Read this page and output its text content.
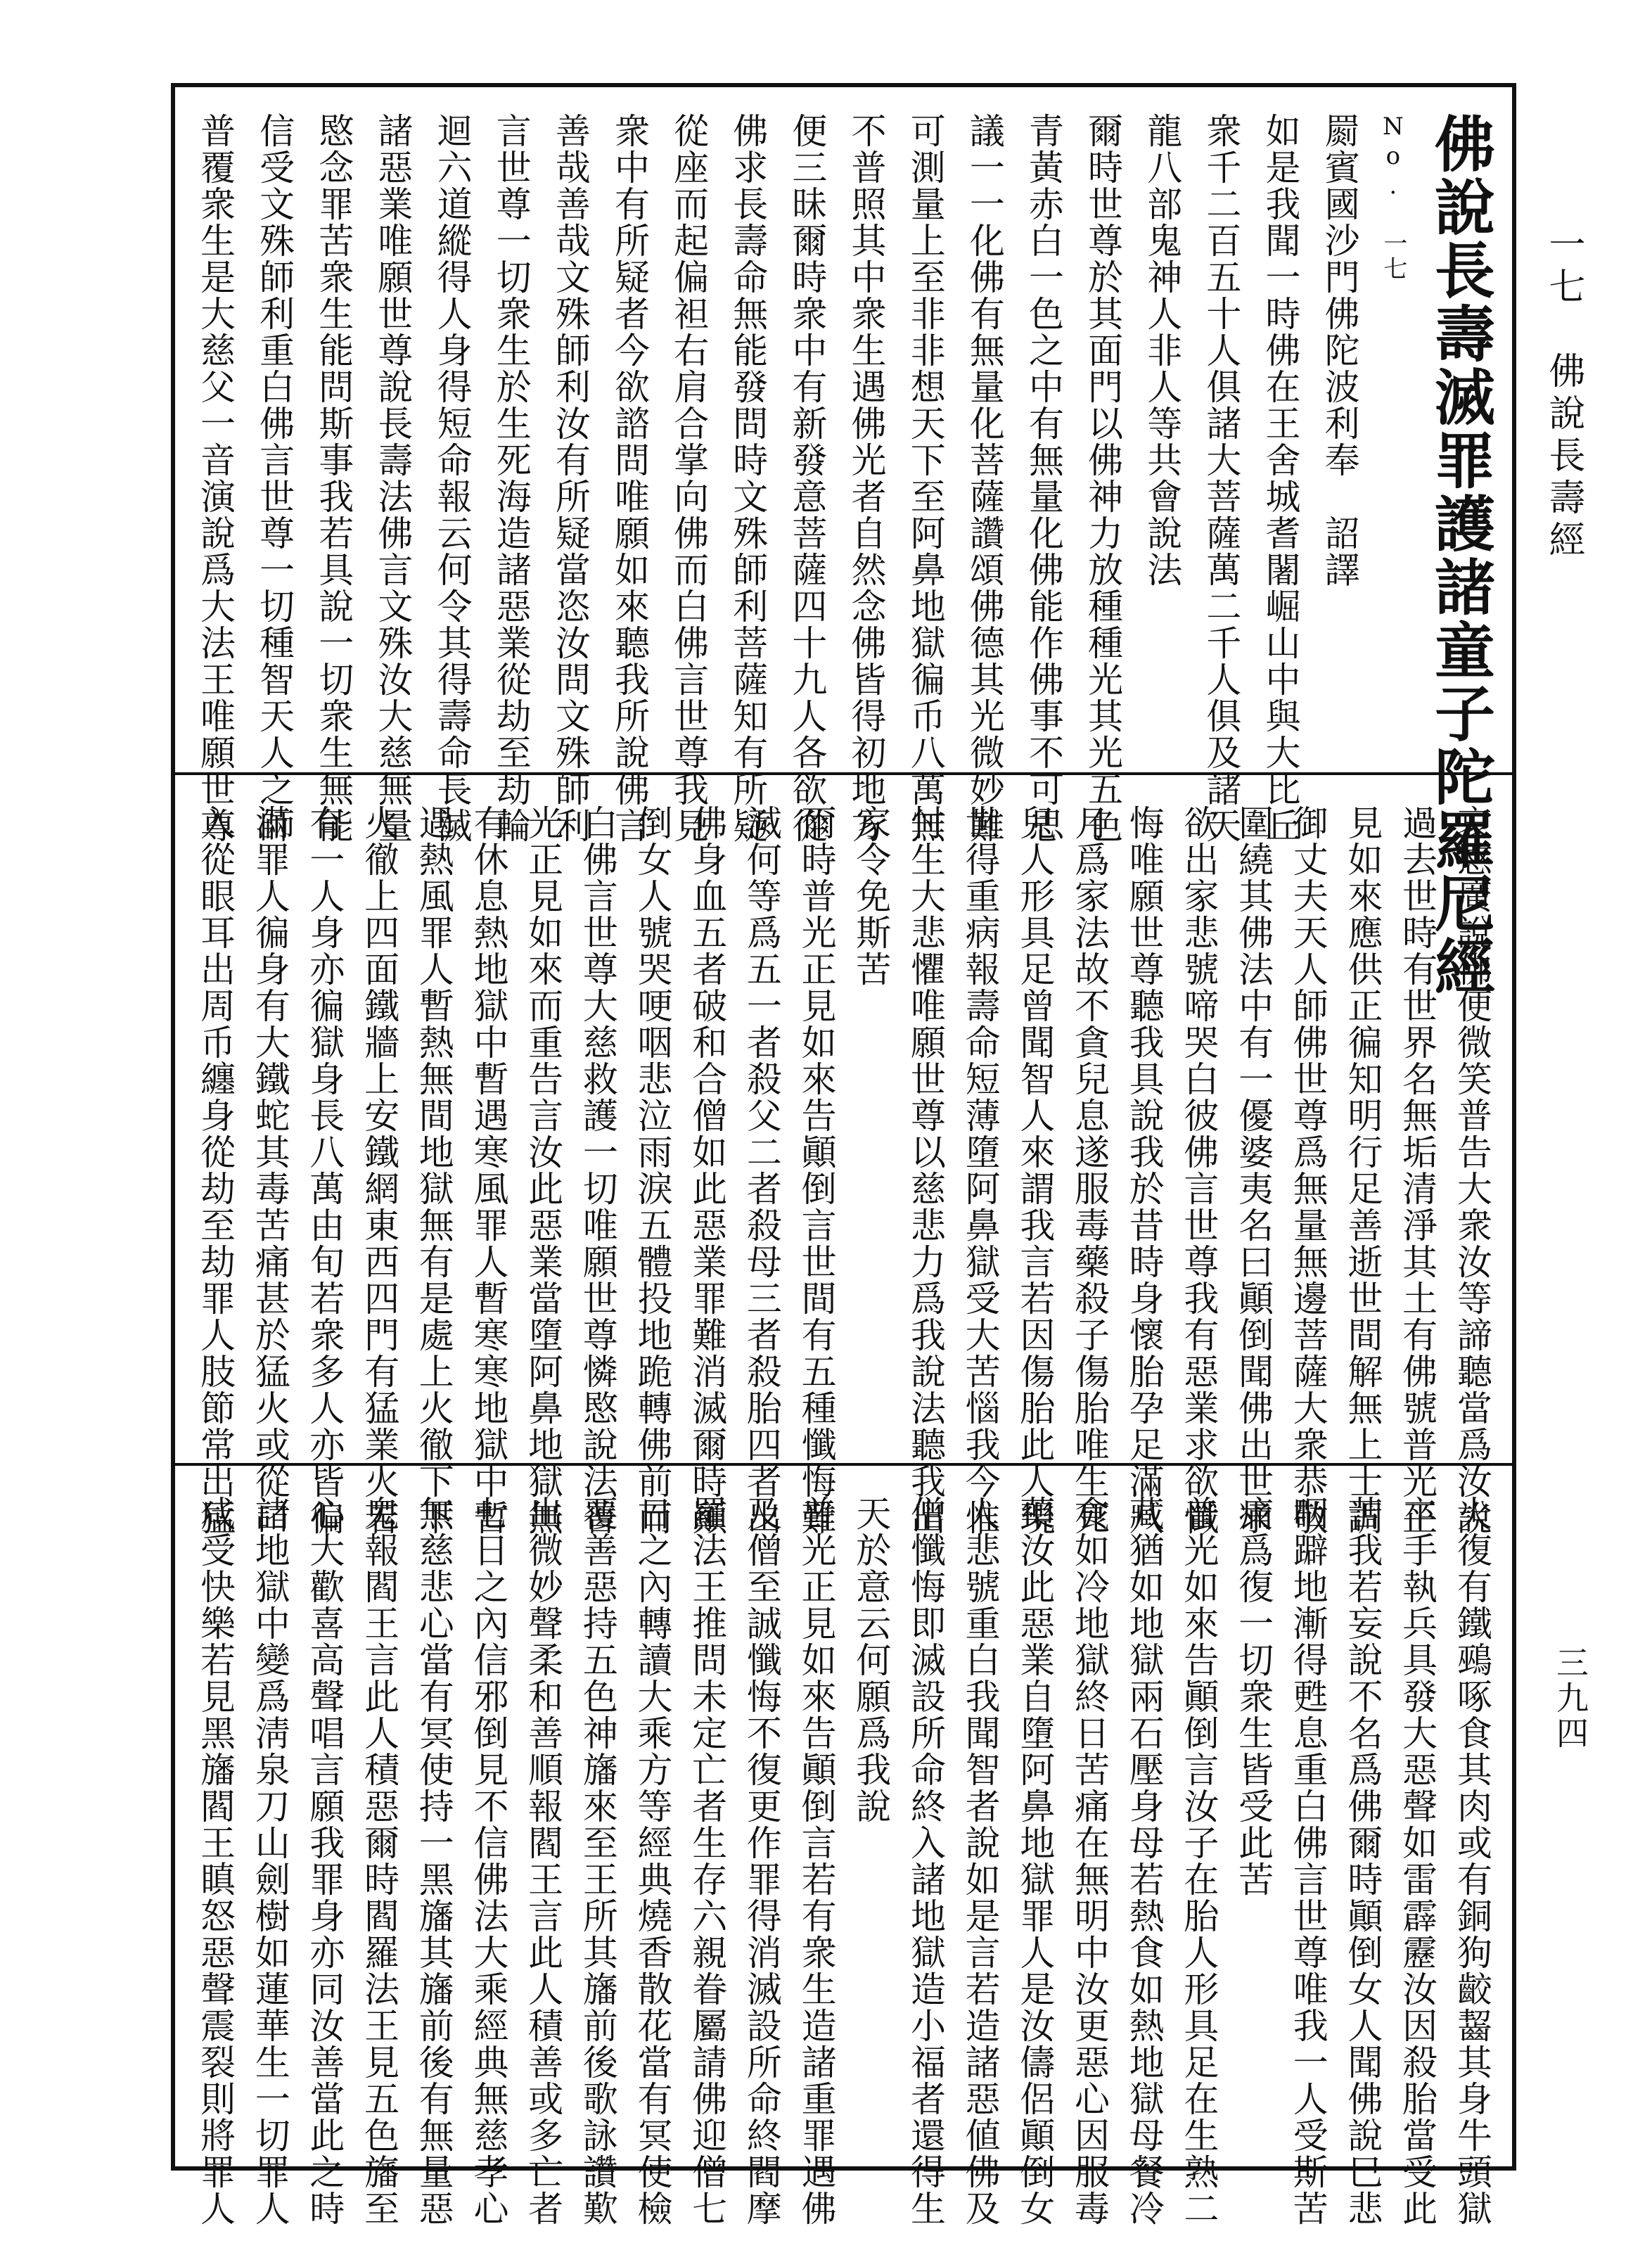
一七　佛說長壽經
三九四
佛說長壽滅罪護諸童子陀羅尼經
No. 一七
罽賓國沙門佛陀波利奉　詔譯
如是我聞一時佛在王舍城耆闍崛山中與大比丘
衆千二百五十人俱諸大菩薩萬二千人俱及諸天
龍八部鬼神人非人等共會說法
爾時世尊於其面門以佛神力放種種光其光五色
青黃赤白一色之中有無量化佛能作佛事不可思
議一一化佛有無量化菩薩讚頌佛德其光微妙難
可測量上至非非想天下至阿鼻地獄徧币八萬無
不普照其中衆生遇佛光者自然念佛皆得初地方
便三昧爾時衆中有新發意菩薩四十九人各欲從
佛求長壽命無能發問時文殊師利菩薩知有所疑
從座而起偏袒右肩合掌向佛而白佛言世尊我見
衆中有所疑者今欲諮問唯願如來聽我所說佛言
善哉善哉文殊師利汝有所疑當恣汝問文殊師利
言世尊一切衆生於生死海造諸惡業從劫至劫輪
迴六道縱得人身得短命報云何令其得壽命長滅
諸惡業唯願世尊說長壽法佛言文殊汝大慈無量
愍念罪苦衆生能問斯事我若具說一切衆生無能
信受文殊師利重白佛言世尊一切種智天人之師
普覆衆生是大慈父一音演說爲大法王唯願世尊
哀愍廣說佛便微笑普告大衆汝等諦聽當爲汝說
過去世時有世界名無垢清淨其土有佛號普光正
見如來應供正徧知明行足善逝世間解無上士調
御丈夫天人師佛世尊爲無量無邊菩薩大衆恭敬
圍繞其佛法中有一優婆夷名曰顚倒聞佛出世求
欲出家悲號啼哭白彼佛言世尊我有惡業求欲懺
悔唯願世尊聽我具說我於昔時身懷胎孕足滿八
月爲家法故不貪兒息遂服毒藥殺子傷胎唯生死
兒人形具足曾聞智人來謂我言若因傷胎此人現
世得重病報壽命短薄墮阿鼻獄受大苦惱我今惟
忖生大悲懼唯願世尊以慈悲力爲我說法聽我出
家令免斯苦
爾時普光正見如來告顚倒言世間有五種懺悔難
滅何等爲五一者殺父二者殺母三者殺胎四者出
佛身血五者破和合僧如此惡業罪難消滅爾時顚
倒女人號哭哽咽悲泣雨淚五體投地跪轉佛前而
白佛言世尊大慈救護一切唯願世尊憐愍說法普
光正見如來而重告言汝此惡業當墮阿鼻地獄無
有休息熱地獄中暫遇寒風罪人暫寒寒地獄中暫
遇熱風罪人暫熱無間地獄無有是處上火徹下下
火徹上四面鐵牆上安鐵網東西四門有猛業火若
有一人身亦徧獄身長八萬由旬若衆多人亦皆徧
滿罪人徧身有大鐵蛇其毒苦痛甚於猛火或從口
入從眼耳出周币纏身從劫至劫罪人肢節常出猛
火復有鐵鵐啄食其肉或有銅狗齩齧其身牛頭獄
卒手執兵具發大惡聲如雷霹靂汝因殺胎當受此
苦我若妄說不名爲佛爾時顚倒女人聞佛說巳悲
咽躃地漸得甦息重白佛言世尊唯我一人受斯苦
痛爲復一切衆生皆受此苦
普光如來告顚倒言汝子在胎人形具足在生熟二
藏猶如地獄兩石壓身母若熱食如熱地獄母餐冷
食如冷地獄終日苦痛在無明中汝更惡心因服毒
藥汝此惡業自墮阿鼻地獄罪人是汝儔侶顚倒女
人悲號重白我聞智者說如是言若造諸惡値佛及
僧懺悔即滅設所命終入諸地獄造小福者還得生
天於意云何願爲我說
普光正見如來告顚倒言若有衆生造諸重罪遇佛
及僧至誠懺悔不復更作罪得消滅設所命終閻摩
羅法王推問未定亡者生存六親眷屬請佛迎僧七
日之內轉讀大乘方等經典燒香散花當有冥使檢
覆善惡持五色神旛來至王所其旛前後歌詠讚歎
出微妙聲柔和善順報閻王言此人積善或多亡者
七日之內信邪倒見不信佛法大乘經典無慈孝心
無慈悲心當有冥使持一黑旛其旛前後有無量惡
鬼報閻王言此人積惡爾時閻羅法王見五色旛至
心大歡喜高聲唱言願我罪身亦同汝善當此之時
諸地獄中變爲淸泉刀山劍樹如蓮華生一切罪人
咸受快樂若見黑旛閻王瞋怒惡聲震裂則將罪人
